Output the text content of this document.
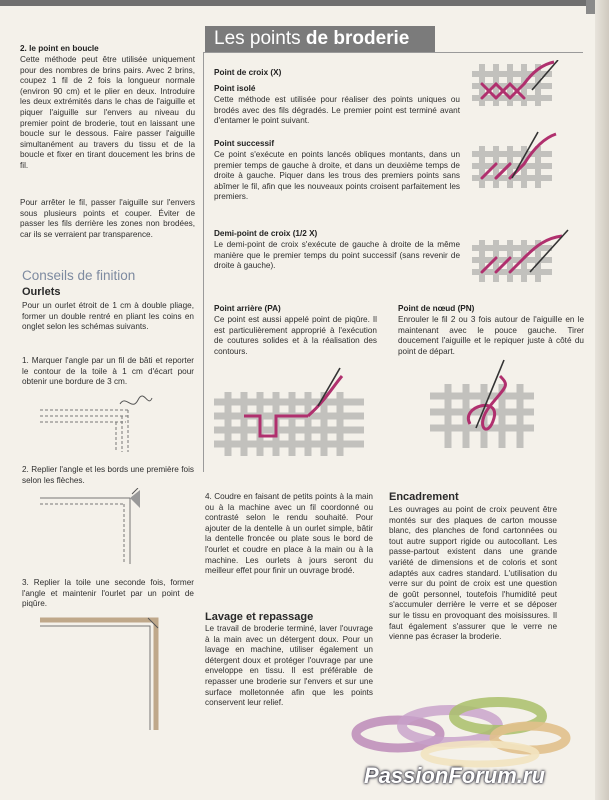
2. le point en boucle
Cette méthode peut être utilisée uniquement pour des nombres de brins pairs. Avec 2 brins, coupez 1 fil de 2 fois la longueur normale (environ 90 cm) et le plier en deux. Introduire les deux extrémités dans le chas de l'aiguille et piquer l'aiguille sur l'envers au niveau du premier point de broderie, tout en laissant une boucle sur le dessous. Faire passer l'aiguille simultanément au travers du tissu et de la boucle et fixer en tirant doucement les brins de fil.
Pour arrêter le fil, passer l'aiguille sur l'envers sous plusieurs points et couper. Éviter de passer les fils derrière les zones non brodées, car ils se verraient par transparence.
Conseils de finition
Ourlets
Pour un ourlet étroit de 1 cm à double pliage, former un double rentré en pliant les coins en onglet selon les schémas suivants.
1. Marquer l'angle par un fil de bâti et reporter le contour de la toile à 1 cm d'écart pour obtenir une bordure de 3 cm.
2. Replier l'angle et les bords une première fois selon les flèches.
3. Replier la toile une seconde fois, former l'angle et maintenir l'ourlet par un point de piqûre.
Les points de broderie
Point de croix (X)
Point isolé
Cette méthode est utilisée pour réaliser des points uniques ou brodés avec des fils dégradés. Le premier point est terminé avant d'entamer le point suivant.
Point successif
Ce point s'exécute en points lancés obliques montants, dans un premier temps de gauche à droite, et dans un deuxième temps de droite à gauche. Piquer dans les trous des premiers points sans abîmer le fil, afin que les nouveaux points croisent parfaitement les premiers.
Demi-point de croix (1/2 X)
Le demi-point de croix s'exécute de gauche à droite de la même manière que le premier temps du point successif (sans revenir de droite à gauche).
Point arrière (PA)
Ce point est aussi appelé point de piqûre. Il est particulièrement approprié à l'exécution de coutures solides et à la réalisation des contours.
Point de nœud (PN)
Enrouler le fil 2 ou 3 fois autour de l'aiguille en le maintenant avec le pouce gauche. Tirer doucement l'aiguille et le repiquer juste à côté du point de départ.
4. Coudre en faisant de petits points à la main ou à la machine avec un fil coordonné ou contrasté selon le rendu souhaité. Pour ajouter de la dentelle à un ourlet simple, bâtir la dentelle froncée ou plate sous le bord de l'ourlet et coudre en place à la main ou à la machine. Les ourlets à jours seront du meilleur effet pour finir un ouvrage brodé.
Lavage et repassage
Le travail de broderie terminé, laver l'ouvrage à la main avec un détergent doux. Pour un lavage en machine, utiliser également un détergent doux et protéger l'ouvrage par une enveloppe en tissu. Il est préférable de repasser une broderie sur l'envers et sur une surface molletonnée afin que les points conservent leur relief.
Encadrement
Les ouvrages au point de croix peuvent être montés sur des plaques de carton mousse blanc, des planches de fond cartonnées ou tout autre support rigide ou autocollant. Les passe-partout existent dans une grande variété de dimensions et de coloris et sont adaptés aux cadres standard. L'utilisation du verre sur du point de croix est une question de goût personnel, toutefois l'humidité peut s'accumuler derrière le verre et se déposer sur le tissu en provoquant des moisissures. Il faut également s'assurer que le verre ne vienne pas écraser la broderie.
PassionForum.ru
